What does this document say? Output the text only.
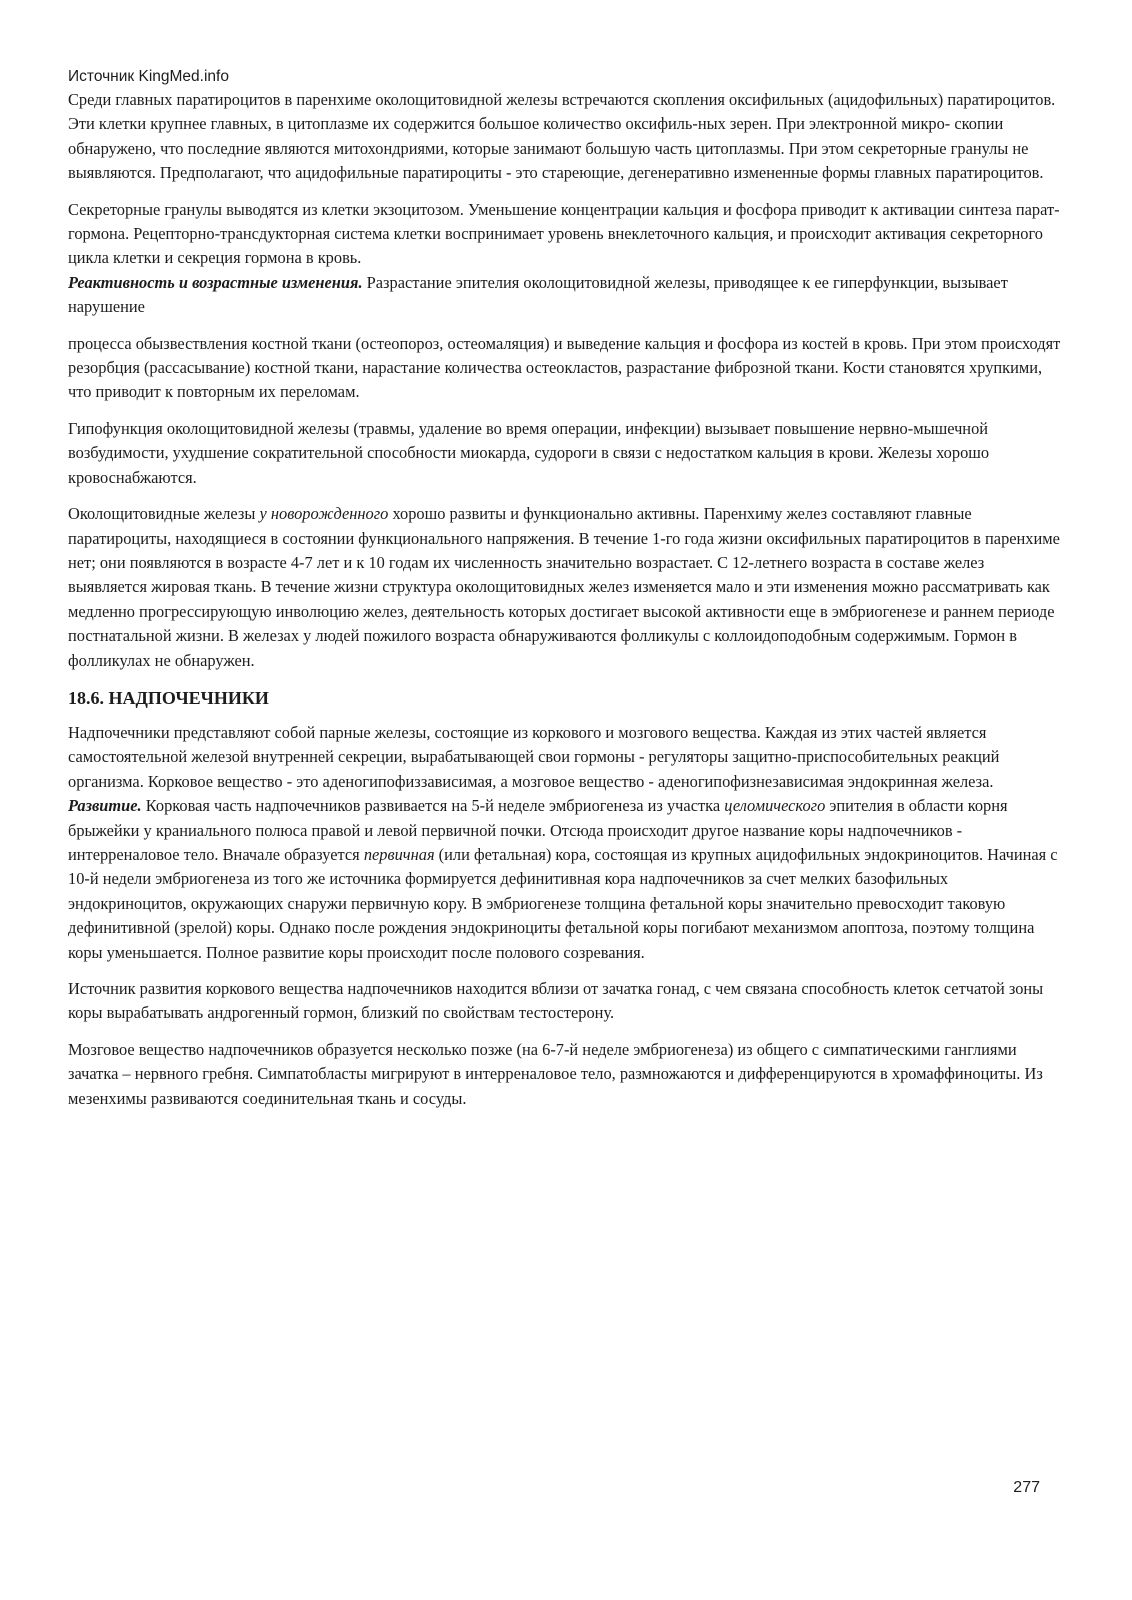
Источник KingMed.info

Среди главных паратироцитов в паренхиме околощитовидной железы встречаются скопления оксифильных (ацидофильных) паратироцитов. Эти клетки крупнее главных, в цитоплазме их содержится большое количество оксифиль-ных зерен. При электронной микро- скопии обнаружено, что последние являются митохондриями, которые занимают большую часть цитоплазмы. При этом секреторные гранулы не выявляются. Предполагают, что ацидофильные паратироциты - это стареющие, дегенеративно измененные формы главных паратироцитов.

Секреторные гранулы выводятся из клетки экзоцитозом. Уменьшение концентрации кальция и фосфора приводит к активации синтеза парат-гормона. Рецепторно-трансдукторная система клетки воспринимает уровень внеклеточного кальция, и происходит активация секреторного цикла клетки и секреция гормона в кровь.

Реактивность и возрастные изменения. Разрастание эпителия околощитовидной железы, приводящее к ее гиперфункции, вызывает нарушение

процесса обызвествления костной ткани (остеопороз, остеомаляция) и выведение кальция и фосфора из костей в кровь. При этом происходят резорбция (рассасывание) костной ткани, нарастание количества остеокластов, разрастание фиброзной ткани. Кости становятся хрупкими, что приводит к повторным их переломам.

Гипофункция околощитовидной железы (травмы, удаление во время операции, инфекции) вызывает повышение нервно-мышечной возбудимости, ухудшение сократительной способности миокарда, судороги в связи с недостатком кальция в крови. Железы хорошо кровоснабжаются.

Околощитовидные железы у новорожденного хорошо развиты и функционально активны. Паренхиму желез составляют главные паратироциты, находящиеся в состоянии функционального напряжения. В течение 1-го года жизни оксифильных паратироцитов в паренхиме нет; они появляются в возрасте 4-7 лет и к 10 годам их численность значительно возрастает. С 12-летнего возраста в составе желез выявляется жировая ткань. В течение жизни структура околощитовидных желез изменяется мало и эти изменения можно рассматривать как медленно прогрессирующую инволюцию желез, деятельность которых достигает высокой активности еще в эмбриогенезе и раннем периоде постнатальной жизни. В железах у людей пожилого возраста обнаруживаются фолликулы с коллоидоподобным содержимым. Гормон в фолликулах не обнаружен.

18.6. НАДПОЧЕЧНИКИ

Надпочечники представляют собой парные железы, состоящие из коркового и мозгового вещества. Каждая из этих частей является самостоятельной железой внутренней секреции, вырабатывающей свои гормоны - регуляторы защитно-приспособительных реакций организма. Корковое вещество - это аденогипофиззависимая, а мозговое вещество - аденогипофизнезависимая эндокринная железа.

Развитие. Корковая часть надпочечников развивается на 5-й неделе эмбриогенеза из участка целомического эпителия в области корня брыжейки у краниального полюса правой и левой первичной почки. Отсюда происходит другое название коры надпочечников - интерреналовое тело. Вначале образуется первичная (или фетальная) кора, состоящая из крупных ацидофильных эндокриноцитов. Начиная с 10-й недели эмбриогенеза из того же источника формируется дефинитивная кора надпочечников за счет мелких базофильных эндокриноцитов, окружающих снаружи первичную кору. В эмбриогенезе толщина фетальной коры значительно превосходит таковую дефинитивной (зрелой) коры. Однако после рождения эндокриноциты фетальной коры погибают механизмом апоптоза, поэтому толщина коры уменьшается. Полное развитие коры происходит после полового созревания.

Источник развития коркового вещества надпочечников находится вблизи от зачатка гонад, с чем связана способность клеток сетчатой зоны коры вырабатывать андрогенный гормон, близкий по свойствам тестостерону.

Мозговое вещество надпочечников образуется несколько позже (на 6-7-й неделе эмбриогенеза) из общего с симпатическими ганглиями зачатка – нервного гребня. Симпатобласты мигрируют в интерреналовое тело, размножаются и дифференцируются в хромаффиноциты. Из мезенхимы развиваются соединительная ткань и сосуды.

277
